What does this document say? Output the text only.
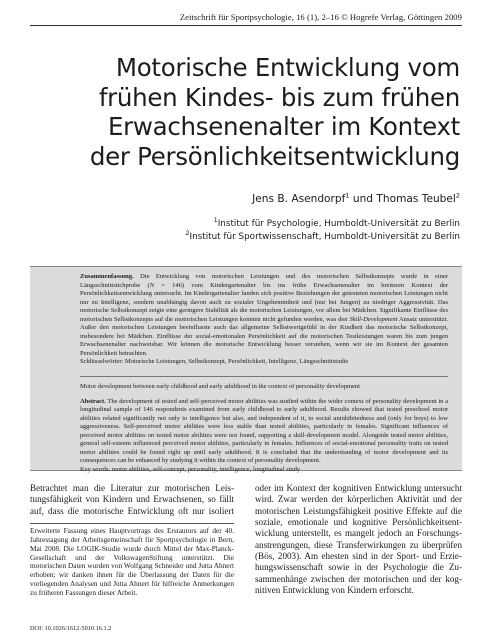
Zeitschrift für Sportpsychologie, 16 (1), 2–16 © Hogrefe Verlag, Göttingen 2009
Motorische Entwicklung vom
frühen Kindes- bis zum frühen
Erwachsenenalter im Kontext
der Persönlichkeitsentwicklung
Jens B. Asendorpf$^1$ und Thomas Teubel$^2$
$^1$Institut für Psychologie, Humboldt-Universität zu Berlin
$^2$Institut für Sportwissenschaft, Humboldt-Universität zu Berlin
Zusammenfassung. Die Entwicklung von motorischen Leistungen und des motorischen Selbstkonzepts wurde in einer Längsschnittstichprobe (N = 146) vom Kindergartenalter bis ins frühe Erwachsenenalter im breiteren Kontext der Persönlichkeitsentwicklung untersucht. Im Kindergartenalter fanden sich positive Beziehungen der getesteten motorischen Leistungen nicht nur zu Intelligenz, sondern unabhängig davon auch zu sozialer Ungehemmtheit und (nur bei Jungen) zu niedriger Aggressivität. Das motorische Selbstkonzept zeigte eine geringere Stabilität als die motorischen Leistungen, vor allem bei Mädchen. Signifikante Einflüsse des motorischen Selbstkonzepts auf die motorischen Leistungen konnten nicht gefunden werden, was den Skill-Development Ansatz unterstützt. Außer den motorischen Leistungen beeinflusste auch das allgemeine Selbstwertgefühl in der Kindheit das motorische Selbstkonzept, insbesondere bei Mädchen. Einflüsse der sozial-emotionalen Persönlichkeit auf die motorischen Testleistungen waren bis zum jungen Erwachsenenalter nachweisbar. Wir können die motorische Entwicklung besser verstehen, wenn wir sie im Kontext der gesamten Persönlichkeit betrachten.
Schlüsselwörter: Motorische Leistungen, Selbstkonzept, Persönlichkeit, Intelligenz, Längsschnittstudie
Motor development between early childhood and early adulthood in the context of personality development
Abstract. The development of tested and self-perceived motor abilities was studied within the wider context of personality development in a longitudinal sample of 146 respondents examined from early childhood to early adulthood. Results showed that tested preschool motor abilities related significantly not only to intelligence but also, and independent of it, to social uninhibitedness and (only for boys) to low aggressiveness. Self-perceived motor abilities were less stable than tested abilities, particularly in females. Significant influences of perceived motor abilities on tested motor abilities were not found, supporting a skill-development model. Alongside tested motor abilities, general self-esteem influenced perceived motor abilities, particularly in females. Influences of social-emotional personality traits on tested motor abilities could be found right up until early adulthood. It is concluded that the understanding of motor development and its consequences can be enhanced by studying it within the context of personality development.
Key words: motor abilities, self-concept, personality, intelligence, longitudinal study
Betrachtet man die Literatur zur motorischen Leis-
tungsfähigkeit von Kindern und Erwachsenen, so fällt
auf, dass die motorische Entwicklung oft nur isoliert
Erweiterte Fassung eines Hauptvortrags des Erstautors auf der 40. Jahrestagung der Arbeitsgemeinschaft für Sportpsychologie in Bern, Mai 2008. Die LOGIK-Studie wurde durch Mittel der Max-Planck-Gesellschaft und der VolkswagenStiftung unterstützt. Die motorischen Daten wurden von Wolfgang Schneider und Jutta Ahnert erhoben; wir danken ihnen für die Überlassung der Daten für die vorliegenden Analysen und Jutta Ahnert für hilfreiche Anmerkungen zu früheren Fassungen dieser Arbeit.
DOI: 10.1026/1612-5010.16.1.2
oder im Kontext der kognitiven Entwicklung untersucht
wird. Zwar werden der körperlichen Aktivität und der
motorischen Leistungsfähigkeit positive Effekte auf die
soziale, emotionale und kognitive Persönlichkeitsent-
wicklung unterstellt, es mangelt jedoch an Forschungs-
anstrengungen, diese Transferwirkungen zu überprüfen
(Bös, 2003). Am ehesten sind in der Sport- und Erzie-
hungswissenschaft sowie in der Psychologie die Zu-
sammenhänge zwischen der motorischen und der kog-
nitiven Entwicklung von Kindern erforscht.
